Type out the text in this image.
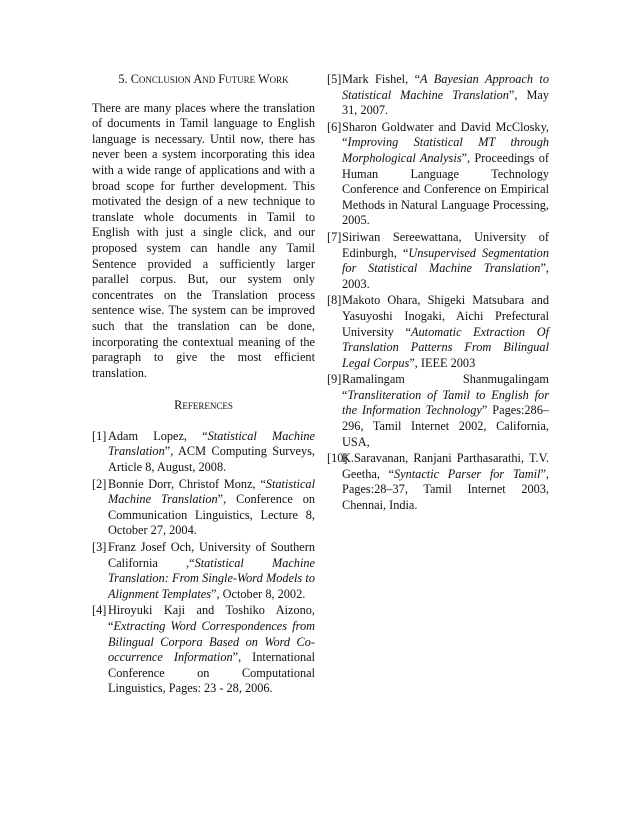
5. Conclusion And Future Work

There are many places where the translation of documents in Tamil language to English language is necessary. Until now, there has never been a system incorporating this idea with a wide range of applications and with a broad scope for further development. This motivated the design of a new technique to translate whole documents in Tamil to English with just a single click, and our proposed system can handle any Tamil Sentence provided a sufficiently larger parallel corpus. But, our system only concentrates on the Translation process sentence wise. The system can be improved such that the translation can be done, incorporating the contextual meaning of the paragraph to give the most efficient translation.

References
[1] Adam Lopez, “Statistical Machine Translation”, ACM Computing Surveys, Article 8, August, 2008.
[2] Bonnie Dorr, Christof Monz, “Statistical Machine Translation”, Conference on Communication Linguistics, Lecture 8, October 27, 2004.
[3] Franz Josef Och, University of Southern California ,“Statistical Machine Translation: From Single-Word Models to Alignment Templates”, October 8, 2002.
[4] Hiroyuki Kaji and Toshiko Aizono, “Extracting Word Correspondences from Bilingual Corpora Based on Word Co-occurrence Information”, International Conference on Computational Linguistics, Pages: 23 - 28, 2006.
[5] Mark Fishel, “A Bayesian Approach to Statistical Machine Translation”, May 31, 2007.
[6] Sharon Goldwater and David McClosky, “Improving Statistical MT through Morphological Analysis”, Proceedings of Human Language Technology Conference and Conference on Empirical Methods in Natural Language Processing, 2005.
[7] Siriwan Sereewattana, University of Edinburgh, “Unsupervised Segmentation for Statistical Machine Translation”, 2003.
[8] Makoto Ohara, Shigeki Matsubara and Yasuyoshi Inogaki, Aichi Prefectural University “Automatic Extraction Of Translation Patterns From Bilingual Legal Corpus”, IEEE 2003
[9] Ramalingam Shanmugalingam “Transliteration of Tamil to English for the Information Technology” Pages:286–296, Tamil Internet 2002, California, USA,
[10]
K.Saravanan, Ranjani Parthasarathi, T.V. Geetha, “Syntactic Parser for Tamil”, Pages:28–37, Tamil Internet 2003, Chennai, India.
